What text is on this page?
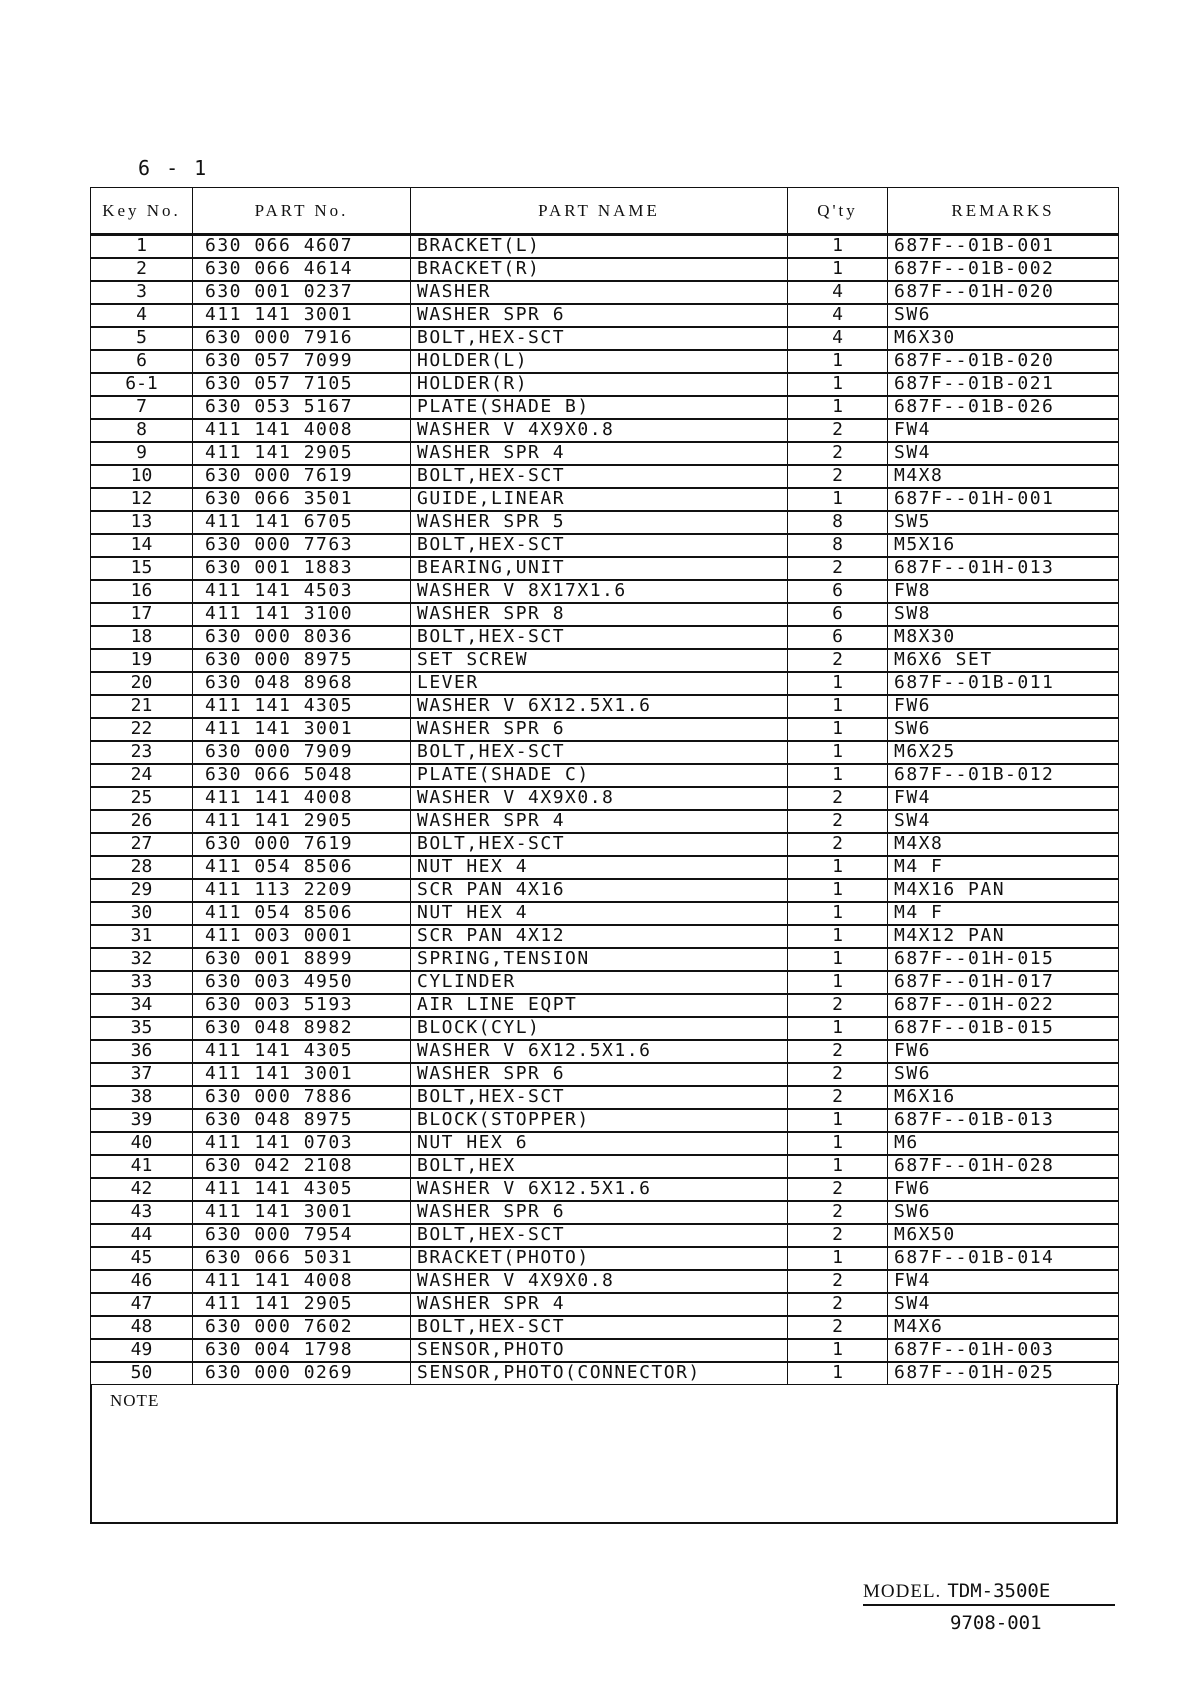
6 - 1
Key No.	PART No.	PART NAME	Q'ty	REMARKS
1	630 066 4607	BRACKET(L)	1	687F--01B-001
2	630 066 4614	BRACKET(R)	1	687F--01B-002
3	630 001 0237	WASHER	4	687F--01H-020
4	411 141 3001	WASHER SPR 6	4	SW6
5	630 000 7916	BOLT,HEX-SCT	4	M6X30
6	630 057 7099	HOLDER(L)	1	687F--01B-020
6-1	630 057 7105	HOLDER(R)	1	687F--01B-021
7	630 053 5167	PLATE(SHADE B)	1	687F--01B-026
8	411 141 4008	WASHER V 4X9X0.8	2	FW4
9	411 141 2905	WASHER SPR 4	2	SW4
10	630 000 7619	BOLT,HEX-SCT	2	M4X8
12	630 066 3501	GUIDE,LINEAR	1	687F--01H-001
13	411 141 6705	WASHER SPR 5	8	SW5
14	630 000 7763	BOLT,HEX-SCT	8	M5X16
15	630 001 1883	BEARING,UNIT	2	687F--01H-013
16	411 141 4503	WASHER V 8X17X1.6	6	FW8
17	411 141 3100	WASHER SPR 8	6	SW8
18	630 000 8036	BOLT,HEX-SCT	6	M8X30
19	630 000 8975	SET SCREW	2	M6X6 SET
20	630 048 8968	LEVER	1	687F--01B-011
21	411 141 4305	WASHER V 6X12.5X1.6	1	FW6
22	411 141 3001	WASHER SPR 6	1	SW6
23	630 000 7909	BOLT,HEX-SCT	1	M6X25
24	630 066 5048	PLATE(SHADE C)	1	687F--01B-012
25	411 141 4008	WASHER V 4X9X0.8	2	FW4
26	411 141 2905	WASHER SPR 4	2	SW4
27	630 000 7619	BOLT,HEX-SCT	2	M4X8
28	411 054 8506	NUT HEX 4	1	M4 F
29	411 113 2209	SCR PAN 4X16	1	M4X16 PAN
30	411 054 8506	NUT HEX 4	1	M4 F
31	411 003 0001	SCR PAN 4X12	1	M4X12 PAN
32	630 001 8899	SPRING,TENSION	1	687F--01H-015
33	630 003 4950	CYLINDER	1	687F--01H-017
34	630 003 5193	AIR LINE EQPT	2	687F--01H-022
35	630 048 8982	BLOCK(CYL)	1	687F--01B-015
36	411 141 4305	WASHER V 6X12.5X1.6	2	FW6
37	411 141 3001	WASHER SPR 6	2	SW6
38	630 000 7886	BOLT,HEX-SCT	2	M6X16
39	630 048 8975	BLOCK(STOPPER)	1	687F--01B-013
40	411 141 0703	NUT HEX 6	1	M6
41	630 042 2108	BOLT,HEX	1	687F--01H-028
42	411 141 4305	WASHER V 6X12.5X1.6	2	FW6
43	411 141 3001	WASHER SPR 6	2	SW6
44	630 000 7954	BOLT,HEX-SCT	2	M6X50
45	630 066 5031	BRACKET(PHOTO)	1	687F--01B-014
46	411 141 4008	WASHER V 4X9X0.8	2	FW4
47	411 141 2905	WASHER SPR 4	2	SW4
48	630 000 7602	BOLT,HEX-SCT	2	M4X6
49	630 004 1798	SENSOR,PHOTO	1	687F--01H-003
50	630 000 0269	SENSOR,PHOTO(CONNECTOR)	1	687F--01H-025
NOTE
MODEL. TDM-3500E
9708-001
